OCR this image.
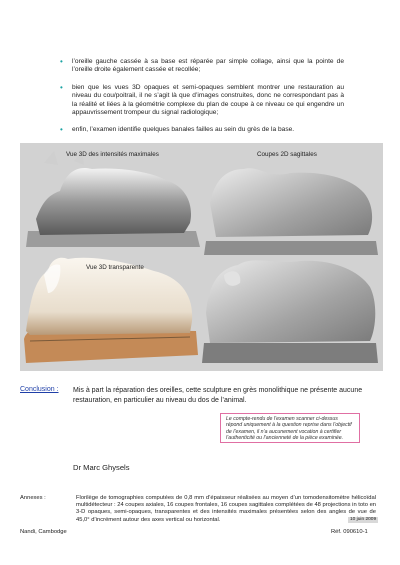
• l’oreille gauche cassée à sa base est réparée par simple collage, ainsi que la pointe de l’oreille droite également cassée et recollée;
• bien que les vues 3D opaques et semi-opaques semblent montrer une restauration au niveau du cou/poitrail, il ne s’agit là que d’images construites, donc ne correspondant pas à la réalité et liées à la géométrie complexe du plan de coupe à ce niveau ce qui engendre un appauvrissement trompeur du signal radiologique;
• enfin, l’examen identifie quelques banales failles au sein du grès de la base.
Vue 3D des intensités maximales	Coupes 2D sagittales
Vue 3D transparente
Conclusion : Mis à part la réparation des oreilles, cette sculpture en grès monolithique ne présente aucune restauration, en particulier au niveau du dos de l’animal.
Le compte-rendu de l’examen scanner ci-dessus
répond uniquement à la question reprise dans l’objectif
de l’examen, il n’a aucunement vocation à certifier
l’authenticité ou l’ancienneté de la pièce examinée.
Dr Marc Ghysels
Annexes :	Florilège de tomographies computées de 0,8 mm d’épaisseur réalisées au moyen d’un tomodensitomètre hélicoïdal multidétecteur : 24 coupes axiales, 16 coupes frontales, 16 coupes sagittales complétées de 48 projections in toto en 3-D opaques, semi-opaques, transparentes et des intensités maximales présentées selon des angles de vue de 45,0° d’incrément autour des axes vertical ou horizontal.	10 juin 2009
Nandi, Cambodge	Réf. 090610-1
